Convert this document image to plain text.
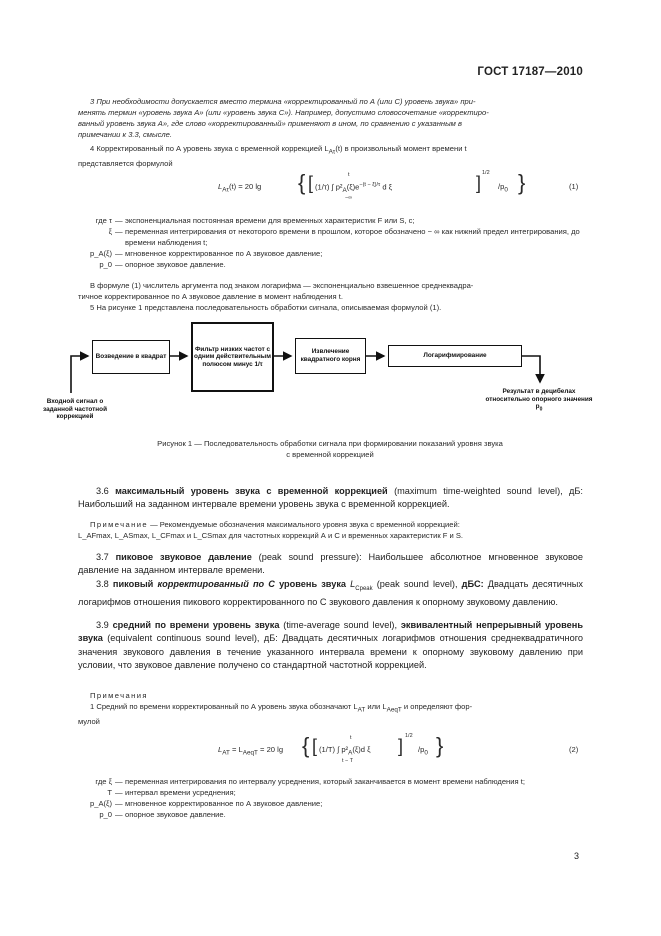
ГОСТ 17187—2010
3 При необходимости допускается вместо термина «корректированный по А (или С) уровень звука» при-
менять термин «уровень звука А» (или «уровень звука С»). Например, допустимо словосочетание «корректиро-
ванный уровень звука А», где слово «корректированный» применяют в ином, по сравнению с указанным в
примечании к 3.3, смысле.
4 Корректированный по А уровень звука с временной коррекцией $L_{A\tau}(t)$ в произвольный момент времени t
представляется формулой
$L_{A\tau}(t) = 20$ lg { [ (1/τ) ∫ $p^2_A(\xi)e^{-(t - \xi)/\tau}$ d ξ
t
−∞
] 1/2
$/p_0$ }	(1)
где τ — экспоненциальная постоянная времени для временных характеристик F или S, c;
ξ — переменная интегрирования от некоторого времени в прошлом, которое обозначено − ∞ как нижний предел интегрирования, до времени наблюдения t;
p_A(ξ) — мгновенное корректированное по А звуковое давление;
p_0 — опорное звуковое давление.
В формуле (1) числитель аргумента под знаком логарифма — экспоненциально взвешенное среднеквадра-
тичное корректированное по А звуковое давление в момент наблюдения t.
5 На рисунке 1 представлена последовательность обработки сигнала, описываемая формулой (1).
Возведение в квадрат
Фильтр низких частот с одним действительным полюсом минус 1/τ
Извлечение квадратного корня
Логарифмирование
Входной сигнал о заданной частотной коррекцией
Результат в децибелах относительно опорного значения $p_0$
Рисунок 1 — Последовательность обработки сигнала при формировании показаний уровня звука
с временной коррекцией
3.6 максимальный уровень звука с временной коррекцией (maximum time-weighted sound level), дБ: Наибольший на заданном интервале времени уровень звука с временной коррекцией.
Примечание — Рекомендуемые обозначения максимального уровня звука с временной коррекцией:
L_AFmax, L_ASmax, L_CFmax и L_CSmax для частотных коррекций А и С и временных характеристик F и S.
3.7 пиковое звуковое давление (peak sound pressure): Наибольшее абсолютное мгновенное звуковое давление на заданном интервале времени.
3.8 пиковый корректированный по С уровень звука $L_{Cpeak}$ (peak sound level), дБС: Двадцать десятичных логарифмов отношения пикового корректированного по С звукового давления к опорному звуковому давлению.
3.9 средний по времени уровень звука (time-average sound level), эквивалентный непрерывный уровень звука (equivalent continuous sound level), дБ: Двадцать десятичных логарифмов отношения среднеквадратичного значения звукового давления в течение указанного интервала времени к опорному звуковому давлению при условии, что звуковое давление получено со стандартной частотной коррекцией.
Примечания
1 Средний по времени корректированный по А уровень звука обозначают $L_{AT}$ или $L_{AeqT}$ и определяют фор-
мулой
$L_{AT} = L_{AeqT} = 20$ lg { [ (1/T) ∫ $p^2_A(\xi)d$ ξ
t
t − T
] 1/2
$/p_0$ }	(2)
где ξ — переменная интегрирования по интервалу усреднения, который заканчивается в момент времени наблюдения t;
T — интервал времени усреднения;
p_A(ξ) — мгновенное корректированное по А звуковое давление;
p_0 — опорное звуковое давление.
3
